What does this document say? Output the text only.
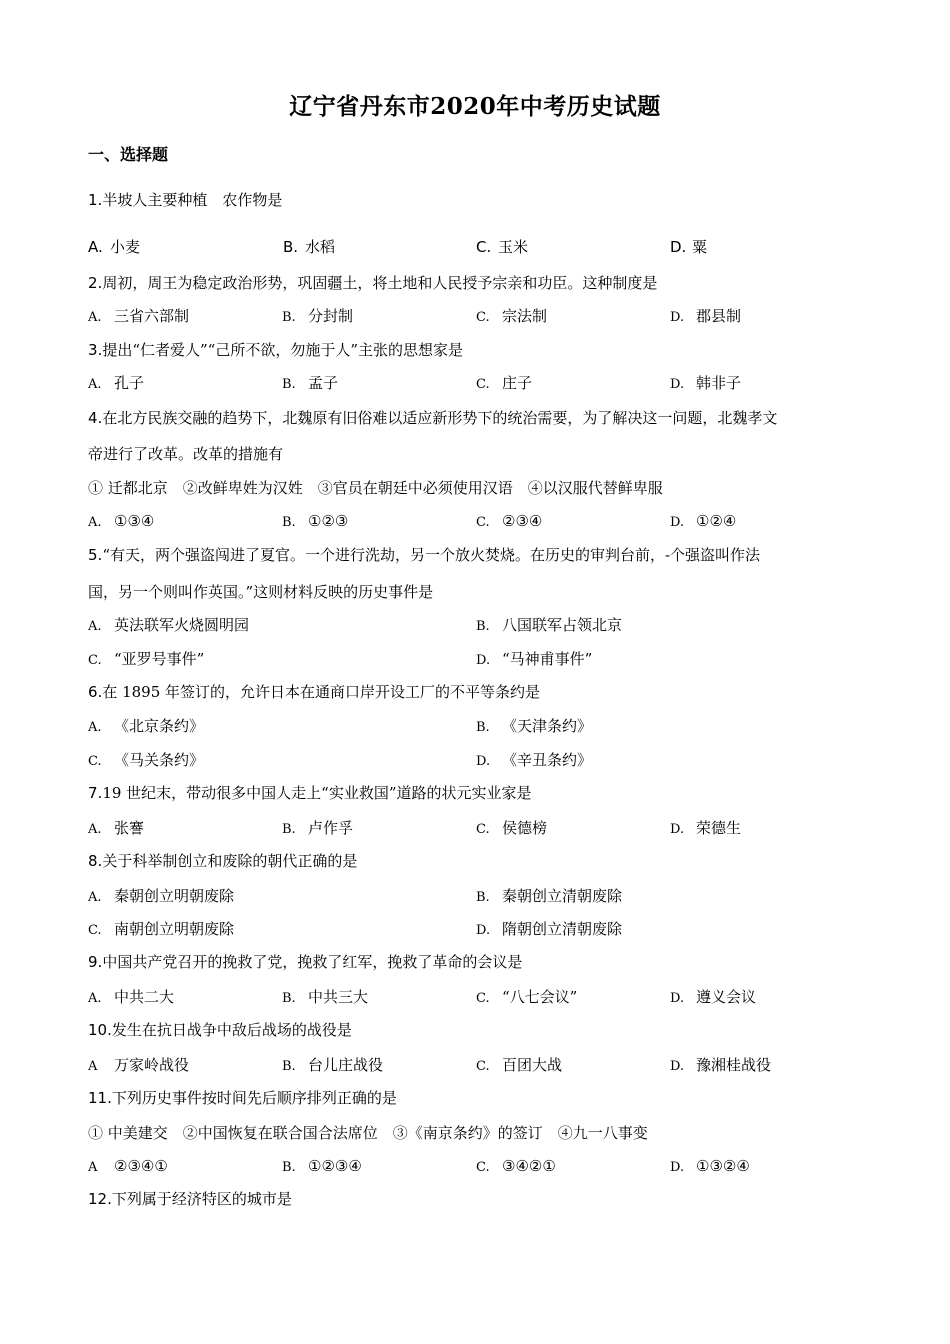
辽宁省丹东市2020年中考历史试题
一、选择题
1.半坡人主要种植　农作物是
A. 小麦	B. 水稻	C. 玉米	D. 粟
2.周初，周王为稳定政治形势，巩固疆土，将土地和人民授予宗亲和功臣。这种制度是
A. 三省六部制	B. 分封制	C. 宗法制	D. 郡县制
3.提出“仁者爱人”“己所不欲，勿施于人”主张的思想家是
A. 孔子	B. 孟子	C. 庄子	D. 韩非子
4.在北方民族交融的趋势下，北魏原有旧俗难以适应新形势下的统治需要，为了解决这一问题，北魏孝文
帝进行了改革。改革的措施有
① 迁都北京　②改鲜卑姓为汉姓　③官员在朝廷中必须使用汉语　④以汉服代替鲜卑服
A. ①③④	B. ①②③	C. ②③④	D. ①②④
5.“有天，两个强盗闯进了夏官。一个进行洗劫，另一个放火焚烧。在历史的审判台前，-个强盗叫作法
国，另一个则叫作英国。”这则材料反映的历史事件是
A. 英法联军火烧圆明园	B. 八国联军占领北京
C. “亚罗号事件”	D. “马神甫事件”
6.在 1895 年签订的，允许日本在通商口岸开设工厂的不平等条约是
A. 《北京条约》	B. 《天津条约》
C. 《马关条约》	D. 《辛丑条约》
7.19 世纪末，带动很多中国人走上“实业救国”道路的状元实业家是
A. 张謇	B. 卢作孚	C. 侯德榜	D. 荣德生
8.关于科举制创立和废除的朝代正确的是
A. 秦朝创立明朝废除	B. 秦朝创立清朝废除
C. 南朝创立明朝废除	D. 隋朝创立清朝废除
9.中国共产党召开的挽救了党，挽救了红军，挽救了革命的会议是
A. 中共二大	B. 中共三大	C. “八七会议”	D. 遵义会议
10.发生在抗日战争中敌后战场的战役是
A 万家岭战役	B. 台儿庄战役	C. 百团大战	D. 豫湘桂战役
11.下列历史事件按时间先后顺序排列正确的是
① 中美建交　②中国恢复在联合国合法席位　③《南京条约》的签订　④九一八事变
A ②③④①	B. ①②③④	C. ③④②①	D. ①③②④
12.下列属于经济特区的城市是
